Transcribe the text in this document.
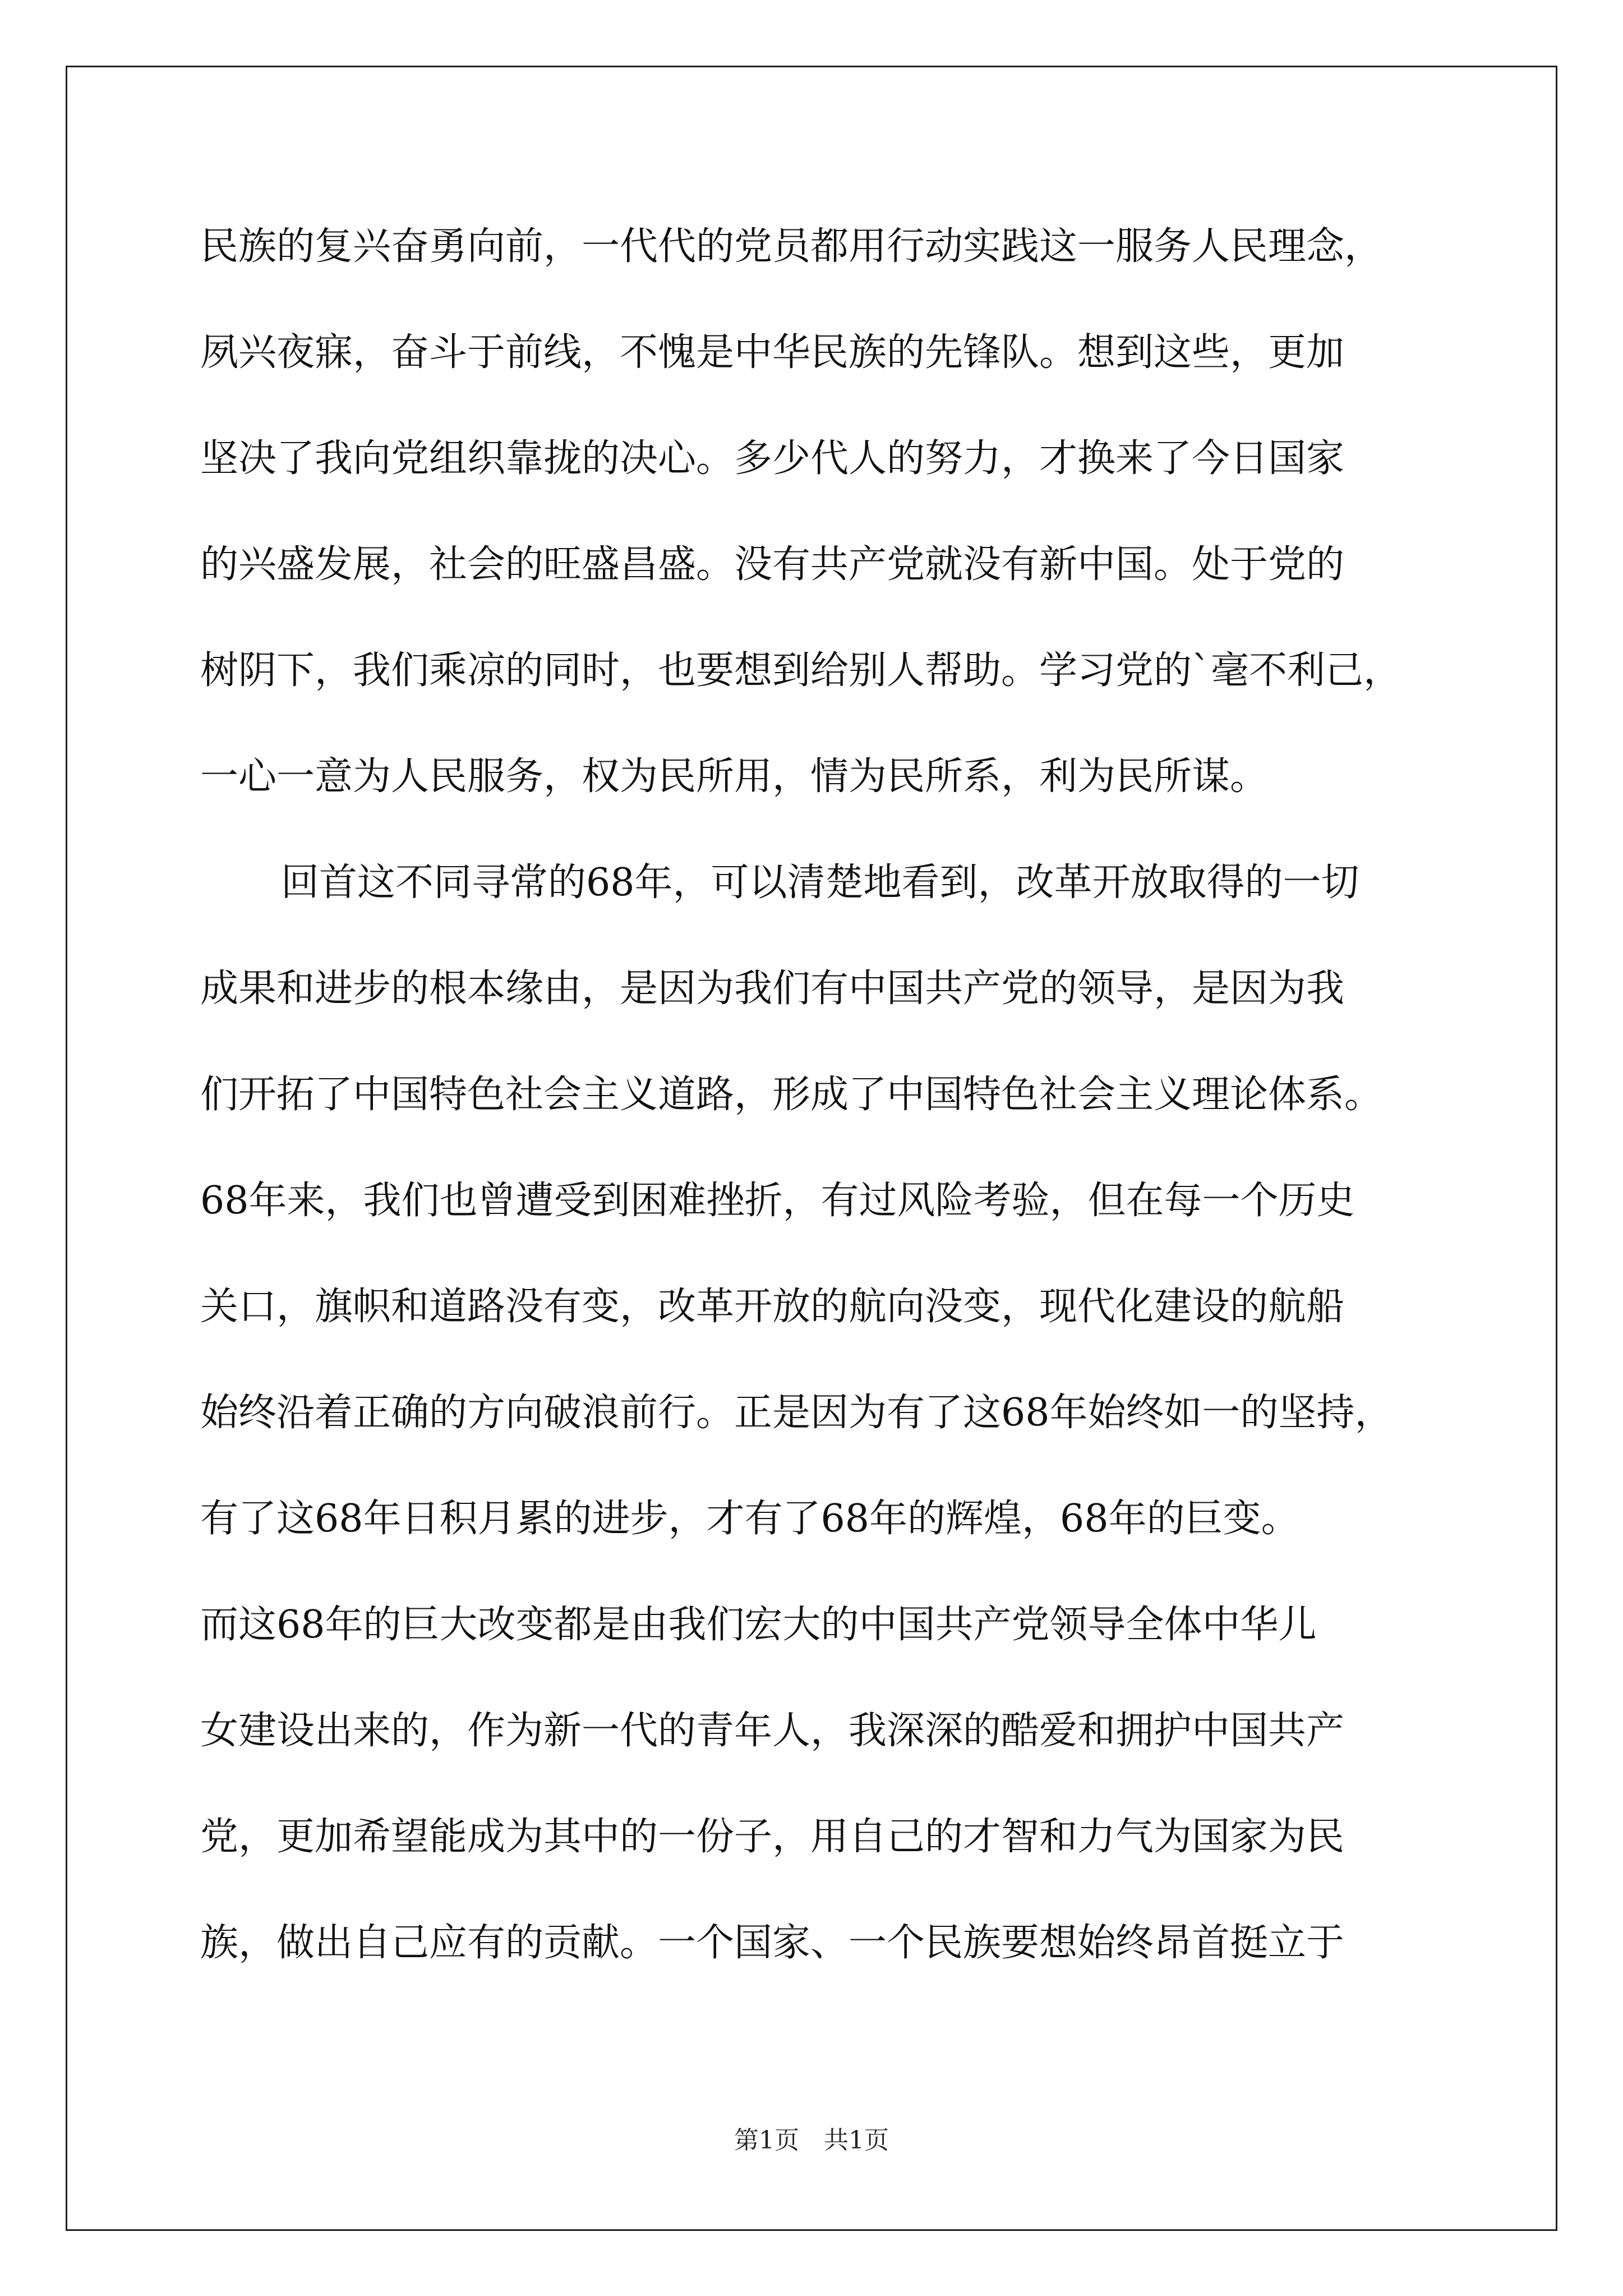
民族的复兴奋勇向前，一代代的党员都用行动实践这一服务人民理念，
夙兴夜寐，奋斗于前线，不愧是中华民族的先锋队。想到这些，更加
坚决了我向党组织靠拢的决心。多少代人的努力，才换来了今日国家
的兴盛发展，社会的旺盛昌盛。没有共产党就没有新中国。处于党的
树阴下，我们乘凉的同时，也要想到给别人帮助。学习党的`毫不利己，
一心一意为人民服务，权为民所用，情为民所系，利为民所谋。
回首这不同寻常的68年，可以清楚地看到，改革开放取得的一切
成果和进步的根本缘由，是因为我们有中国共产党的领导，是因为我
们开拓了中国特色社会主义道路，形成了中国特色社会主义理论体系。
68年来，我们也曾遭受到困难挫折，有过风险考验，但在每一个历史
关口，旗帜和道路没有变，改革开放的航向没变，现代化建设的航船
始终沿着正确的方向破浪前行。正是因为有了这68年始终如一的坚持，
有了这68年日积月累的进步，才有了68年的辉煌，68年的巨变。
而这68年的巨大改变都是由我们宏大的中国共产党领导全体中华儿
女建设出来的，作为新一代的青年人，我深深的酷爱和拥护中国共产
党，更加希望能成为其中的一份子，用自己的才智和力气为国家为民
族，做出自己应有的贡献。一个国家、一个民族要想始终昂首挺立于
第1页　共1页
